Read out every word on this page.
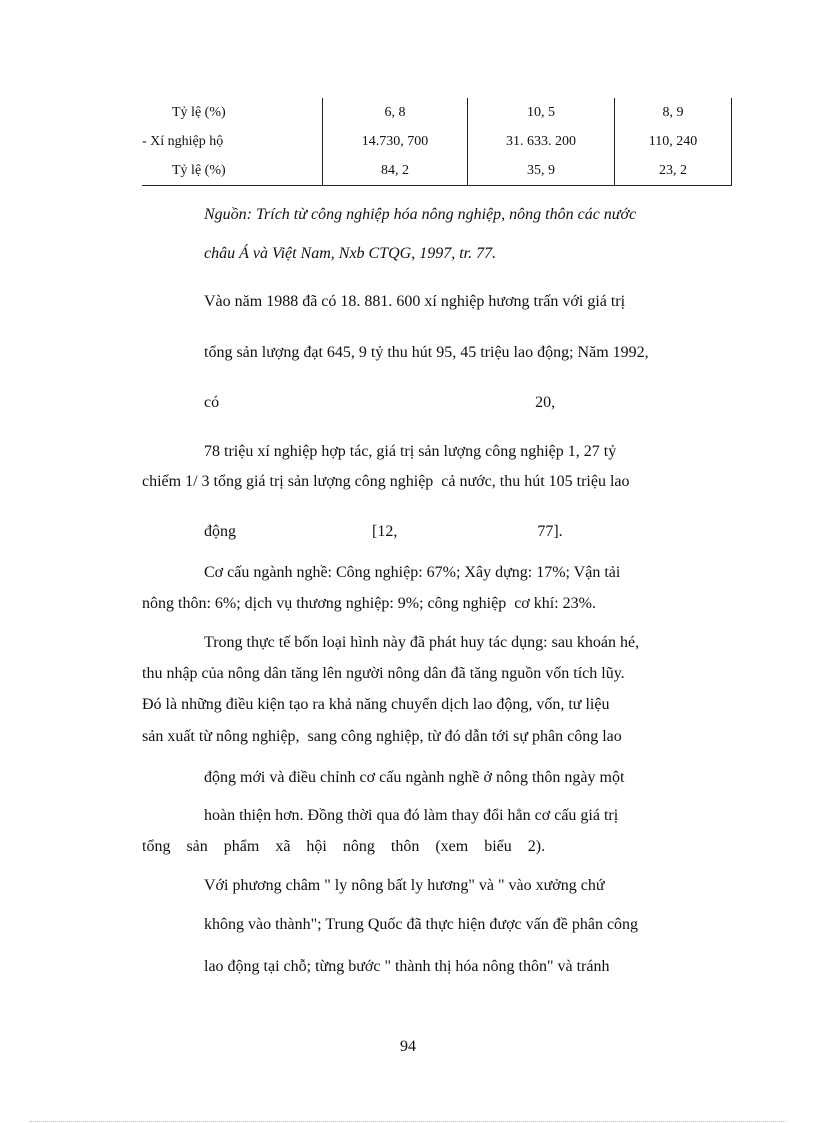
Tỷ lệ (%)	6, 8	10, 5	8, 9
- Xí nghiệp hộ	14.730, 700	31. 633. 200	110, 240
Tỷ lệ (%)	84, 2	35, 9	23, 2
Nguồn: Trích từ công nghiệp hóa nông nghiệp, nông thôn các nước
châu Á và Việt Nam, Nxb CTQG, 1997, tr. 77.
Vào năm 1988 đã có 18. 881. 600 xí nghiệp hương trấn với giá trị
tổng sản lượng đạt 645, 9 tỷ thu hút 95, 45 triệu lao động; Năm 1992,
có                                                                               20,
78 triệu xí nghiệp hợp tác, giá trị sản lượng công nghiệp 1, 27 tỷ
chiếm 1/ 3 tổng giá trị sản lượng công nghiệp  cả nước, thu hút 105 triệu lao
động                                  [12,                                   77].
Cơ cấu ngành nghề: Công nghiệp: 67%; Xây dựng: 17%; Vận tải
nông thôn: 6%; dịch vụ thương nghiệp: 9%; công nghiệp  cơ khí: 23%.
Trong thực tế bốn loại hình này đã phát huy tác dụng: sau khoán hé,
thu nhập của nông dân tăng lên người nông dân đã tăng nguồn vốn tích lũy.
Đó là những điều kiện tạo ra khả năng chuyển dịch lao động, vốn, tư liệu
sản xuất từ nông nghiệp,  sang công nghiệp, từ đó dẫn tới sự phân công lao
động mới và điều chỉnh cơ cấu ngành nghề ở nông thôn ngày một
hoàn thiện hơn. Đồng thời qua đó làm thay đổi hẳn cơ cấu giá trị
tổng    sản    phẩm    xã    hội    nông    thôn    (xem    biểu    2).
Với phương châm " ly nông bất ly hương" và " vào xưởng chứ
không vào thành"; Trung Quốc đã thực hiện được vấn đề phân công
lao động tại chỗ; từng bước " thành thị hóa nông thôn" và tránh
94
